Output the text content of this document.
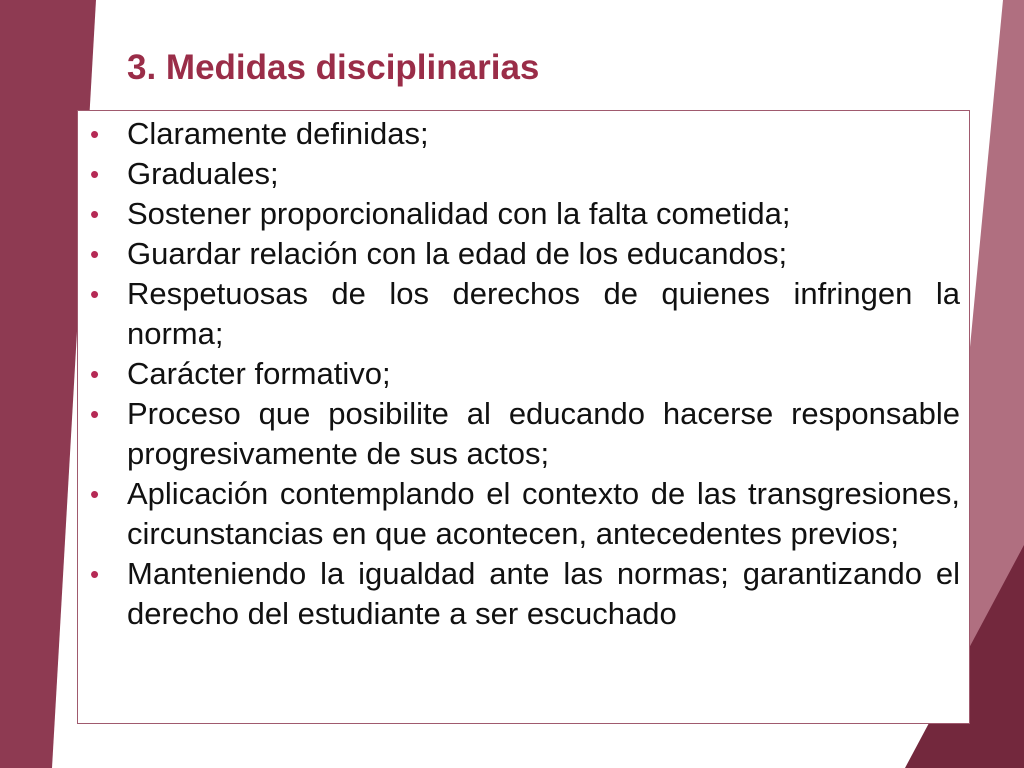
3. Medidas disciplinarias
• Claramente definidas;
• Graduales;
• Sostener proporcionalidad con la falta cometida;
• Guardar relación con la edad de los educandos;
• Respetuosas de los derechos de quienes infringen la norma;
• Carácter formativo;
• Proceso que posibilite al educando hacerse responsable progresivamente de sus actos;
• Aplicación contemplando el contexto de las transgresiones, circunstancias en que acontecen, antecedentes previos;
• Manteniendo la igualdad ante las normas; garantizando el derecho del estudiante a ser escuchado
